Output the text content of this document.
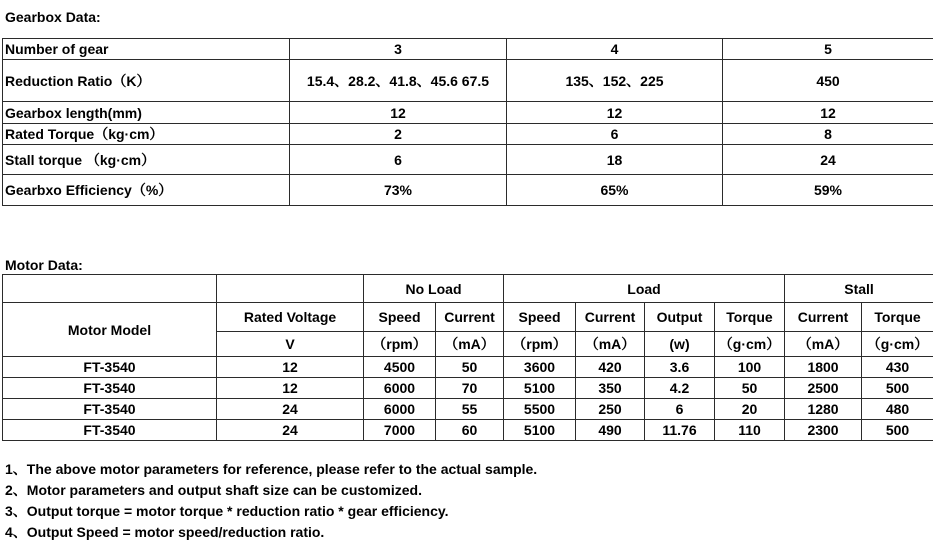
Gearbox Data:
Number of gear	3	4	5
Reduction Ratio（K）	15.4、28.2、41.8、45.6 67.5	135、152、225	450
Gearbox length(mm)	12	12	12
Rated Torque（kg·cm）	2	6	8
Stall torque （kg·cm）	6	18	24
Gearbxo Efficiency（%）	73%	65%	59%
Motor Data:
		No Load		Load				Stall	
Motor Model	Rated Voltage	Speed	Current	Speed	Current	Output	Torque	Current	Torque
	V	（rpm）	（mA）	（rpm）	（mA）	(w)	（g·cm）	（mA）	（g·cm）
FT-3540	12	4500	50	3600	420	3.6	100	1800	430
FT-3540	12	6000	70	5100	350	4.2	50	2500	500
FT-3540	24	6000	55	5500	250	6	20	1280	480
FT-3540	24	7000	60	5100	490	11.76	110	2300	500
1、The above motor parameters for reference, please refer to the actual sample.
2、Motor parameters and output shaft size can be customized.
3、Output torque = motor torque * reduction ratio * gear efficiency.
4、Output Speed = motor speed/reduction ratio.
